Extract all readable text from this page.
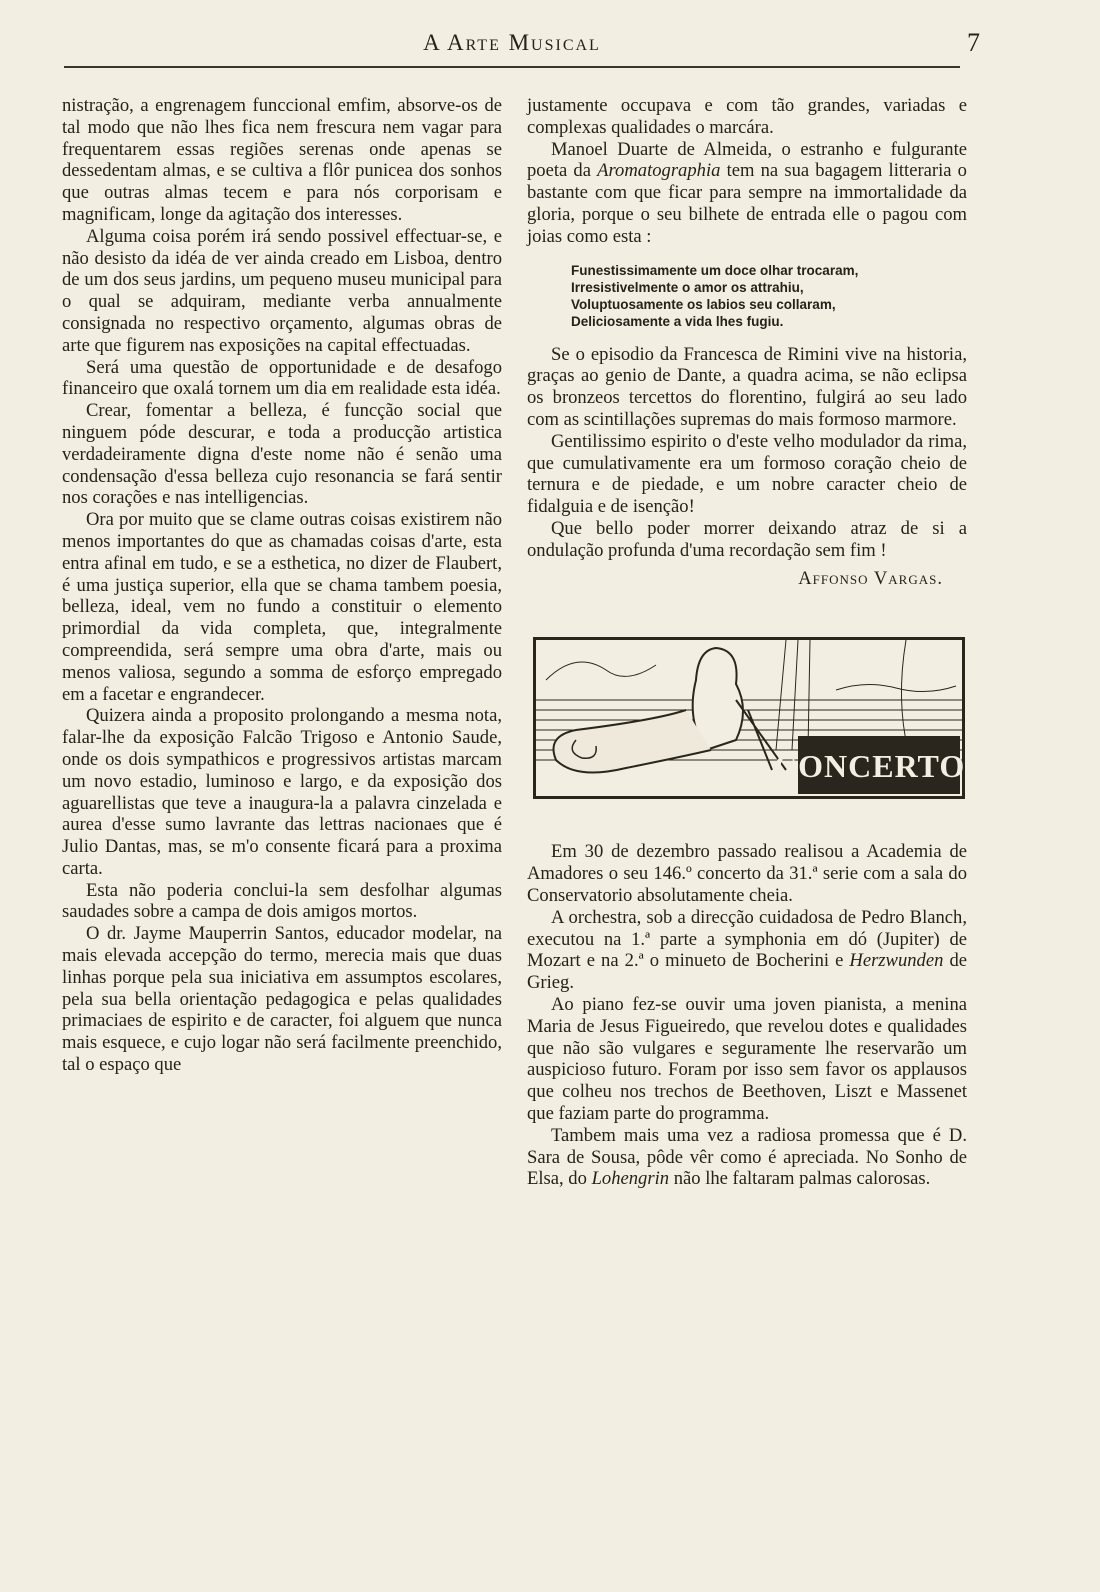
A Arte Musical	7

nistração, a engrenagem funccional emfim, absorve-os de tal modo que não lhes fica nem frescura nem vagar para frequentarem essas regiões serenas onde apenas se dessedentam almas, e se cultiva a flôr punicea dos sonhos que outras almas tecem e para nós corporisam e magnificam, longe da agitação dos interesses.

Alguma coisa porém irá sendo possivel effectuar-se, e não desisto da idéa de ver ainda creado em Lisboa, dentro de um dos seus jardins, um pequeno museu municipal para o qual se adquiram, mediante verba annualmente consignada no respectivo orçamento, algumas obras de arte que figurem nas exposições na capital effectuadas.

Será uma questão de opportunidade e de desafogo financeiro que oxalá tornem um dia em realidade esta idéa.

Crear, fomentar a belleza, é funcção social que ninguem póde descurar, e toda a producção artistica verdadeiramente digna d'este nome não é senão uma condensação d'essa belleza cujo resonancia se fará sentir nos corações e nas intelligencias.

Ora por muito que se clame outras coisas existirem não menos importantes do que as chamadas coisas d'arte, esta entra afinal em tudo, e se a esthetica, no dizer de Flaubert, é uma justiça superior, ella que se chama tambem poesia, belleza, ideal, vem no fundo a constituir o elemento primordial da vida completa, que, integralmente compreendida, será sempre uma obra d'arte, mais ou menos valiosa, segundo a somma de esforço empregado em a facetar e engrandecer.

Quizera ainda a proposito prolongando a mesma nota, falar-lhe da exposição Falcão Trigoso e Antonio Saude, onde os dois sympathicos e progressivos artistas marcam um novo estadio, luminoso e largo, e da exposição dos aguarellistas que teve a inaugura-la a palavra cinzelada e aurea d'esse sumo lavrante das lettras nacionaes que é Julio Dantas, mas, se m'o consente ficará para a proxima carta.

Esta não poderia conclui-la sem desfolhar algumas saudades sobre a campa de dois amigos mortos.

O dr. Jayme Mauperrin Santos, educador modelar, na mais elevada accepção do termo, merecia mais que duas linhas porque pela sua iniciativa em assumptos escolares, pela sua bella orientação pedagogica e pelas qualidades primaciaes de espirito e de caracter, foi alguem que nunca mais esquece, e cujo logar não será facilmente preenchido, tal o espaço que

justamente occupava e com tão grandes, variadas e complexas qualidades o marcára.

Manoel Duarte de Almeida, o estranho e fulgurante poeta da Aromatographia tem na sua bagagem litteraria o bastante com que ficar para sempre na immortalidade da gloria, porque o seu bilhete de entrada elle o pagou com joias como esta :

Funestissimamente um doce olhar trocaram,
Irresistivelmente o amor os attrahiu,
Voluptuosamente os labios seu collaram,
Deliciosamente a vida lhes fugiu.

Se o episodio da Francesca de Rimini vive na historia, graças ao genio de Dante, a quadra acima, se não eclipsa os bronzeos tercettos do florentino, fulgirá ao seu lado com as scintillações supremas do mais formoso marmore.

Gentilissimo espirito o d'este velho modulador da rima, que cumulativamente era um formoso coração cheio de ternura e de piedade, e um nobre caracter cheio de fidalguia e de isenção!

Que bello poder morrer deixando atraz de si a ondulação profunda d'uma recordação sem fim !

Affonso Vargas.
CONCERTOS

Em 30 de dezembro passado realisou a Academia de Amadores o seu 146.º concerto da 31.ª serie com a sala do Conservatorio absolutamente cheia.

A orchestra, sob a direcção cuidadosa de Pedro Blanch, executou na 1.ª parte a symphonia em dó (Jupiter) de Mozart e na 2.ª o minueto de Bocherini e Herzwunden de Grieg.

Ao piano fez-se ouvir uma joven pianista, a menina Maria de Jesus Figueiredo, que revelou dotes e qualidades que não são vulgares e seguramente lhe reservarão um auspicioso futuro. Foram por isso sem favor os applausos que colheu nos trechos de Beethoven, Liszt e Massenet que faziam parte do programma.

Tambem mais uma vez a radiosa promessa que é D. Sara de Sousa, pôde vêr como é apreciada. No Sonho de Elsa, do Lohengrin não lhe faltaram palmas calorosas.
